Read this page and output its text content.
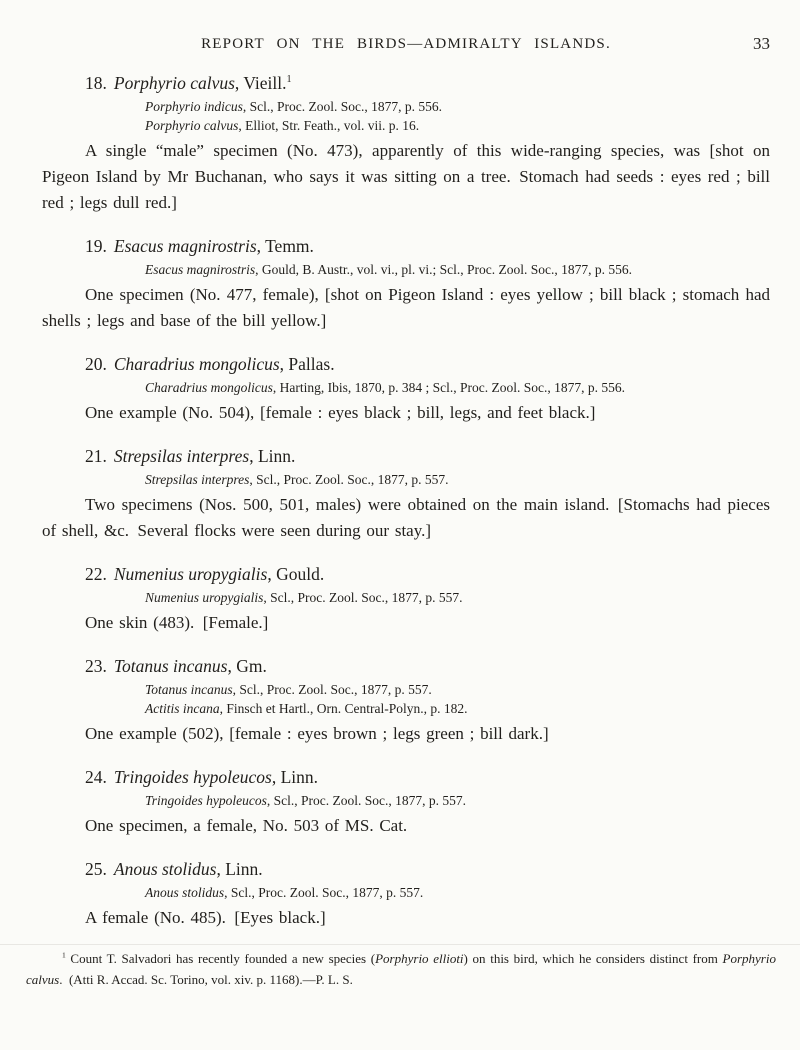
REPORT ON THE BIRDS—ADMIRALTY ISLANDS.	33
18. Porphyrio calvus, Vieill.$^1$

Porphyrio indicus, Scl., Proc. Zool. Soc., 1877, p. 556.

Porphyrio calvus, Elliot, Str. Feath., vol. vii. p. 16.

A single “male” specimen (No. 473), apparently of this wide-ranging species, was [shot on Pigeon Island by Mr Buchanan, who says it was sitting on a tree. Stomach had seeds : eyes red ; bill red ; legs dull red.]

19. Esacus magnirostris, Temm.

Esacus magnirostris, Gould, B. Austr., vol. vi., pl. vi.; Scl., Proc. Zool. Soc., 1877, p. 556.

One specimen (No. 477, female), [shot on Pigeon Island : eyes yellow ; bill black ; stomach had shells ; legs and base of the bill yellow.]

20. Charadrius mongolicus, Pallas.

Charadrius mongolicus, Harting, Ibis, 1870, p. 384 ; Scl., Proc. Zool. Soc., 1877, p. 556.

One example (No. 504), [female : eyes black ; bill, legs, and feet black.]

21. Strepsilas interpres, Linn.

Strepsilas interpres, Scl., Proc. Zool. Soc., 1877, p. 557.

Two specimens (Nos. 500, 501, males) were obtained on the main island. [Stomachs had pieces of shell, &c. Several flocks were seen during our stay.]

22. Numenius uropygialis, Gould.

Numenius uropygialis, Scl., Proc. Zool. Soc., 1877, p. 557.

One skin (483). [Female.]

23. Totanus incanus, Gm.

Totanus incanus, Scl., Proc. Zool. Soc., 1877, p. 557.

Actitis incana, Finsch et Hartl., Orn. Central-Polyn., p. 182.

One example (502), [female : eyes brown ; legs green ; bill dark.]

24. Tringoides hypoleucos, Linn.

Tringoides hypoleucos, Scl., Proc. Zool. Soc., 1877, p. 557.

One specimen, a female, No. 503 of MS. Cat.

25. Anous stolidus, Linn.

Anous stolidus, Scl., Proc. Zool. Soc., 1877, p. 557.

A female (No. 485). [Eyes black.]

$^1$ Count T. Salvadori has recently founded a new species (Porphyrio ellioti) on this bird, which he considers distinct from Porphyrio calvus. (Atti R. Accad. Sc. Torino, vol. xiv. p. 1168).—P. L. S.
